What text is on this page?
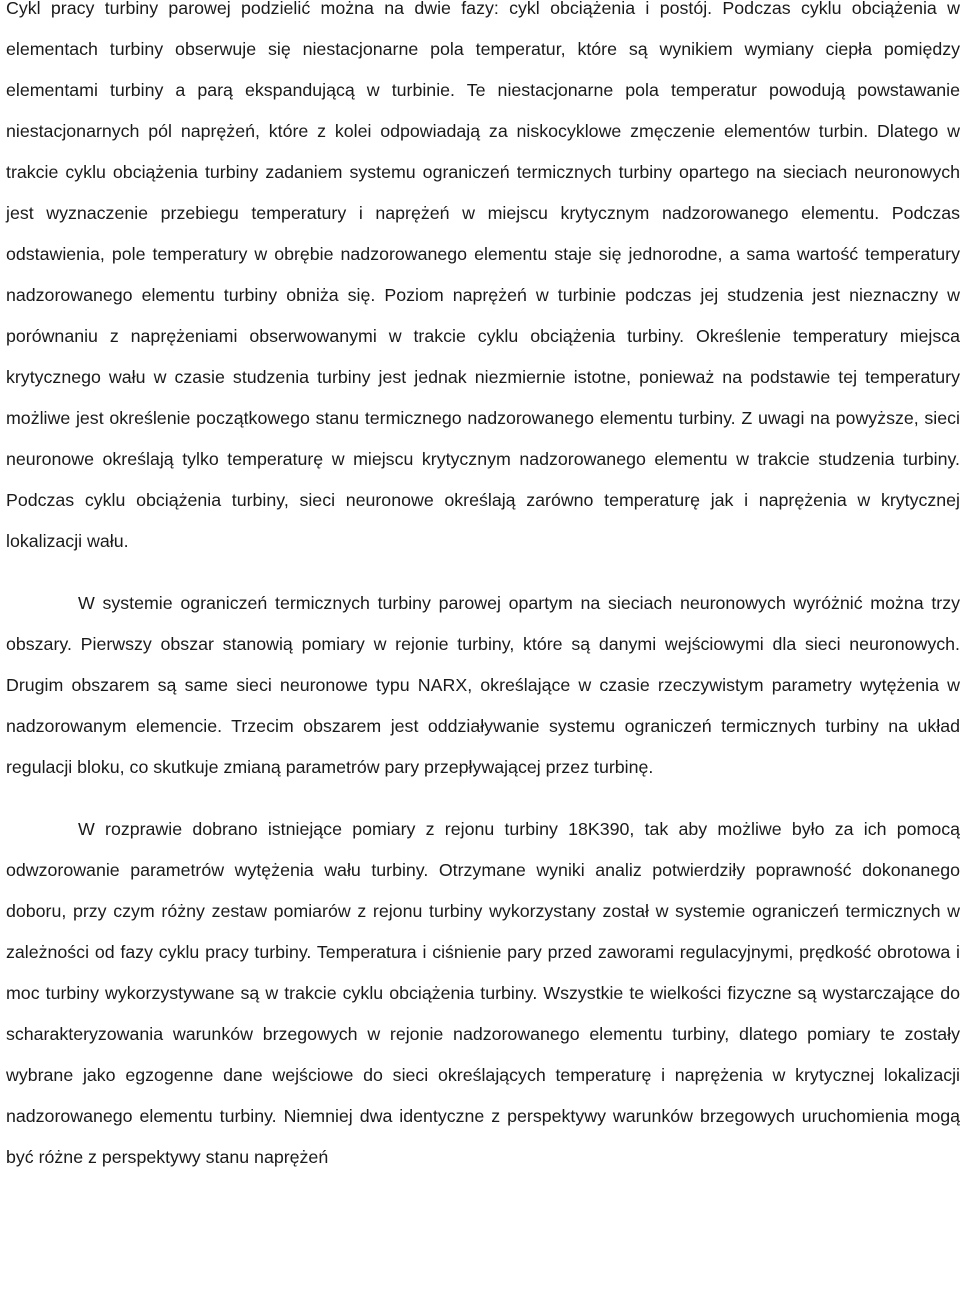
Cykl pracy turbiny parowej podzielić można na dwie fazy: cykl obciążenia i postój. Podczas cyklu obciążenia w elementach turbiny obserwuje się niestacjonarne pola temperatur, które są wynikiem wymiany ciepła pomiędzy elementami turbiny a parą ekspandującą w turbinie. Te niestacjonarne pola temperatur powodują powstawanie niestacjonarnych pól naprężeń, które z kolei odpowiadają za niskocyklowe zmęczenie elementów turbin. Dlatego w trakcie cyklu obciążenia turbiny zadaniem systemu ograniczeń termicznych turbiny opartego na sieciach neuronowych jest wyznaczenie przebiegu temperatury i naprężeń w miejscu krytycznym nadzorowanego elementu. Podczas odstawienia, pole temperatury w obrębie nadzorowanego elementu staje się jednorodne, a sama wartość temperatury nadzorowanego elementu turbiny obniża się. Poziom naprężeń w turbinie podczas jej studzenia jest nieznaczny w porównaniu z naprężeniami obserwowanymi w trakcie cyklu obciążenia turbiny. Określenie temperatury miejsca krytycznego wału w czasie studzenia turbiny jest jednak niezmiernie istotne, ponieważ na podstawie tej temperatury możliwe jest określenie początkowego stanu termicznego nadzorowanego elementu turbiny. Z uwagi na powyższe, sieci neuronowe określają tylko temperaturę w miejscu krytycznym nadzorowanego elementu w trakcie studzenia turbiny. Podczas cyklu obciążenia turbiny, sieci neuronowe określają zarówno temperaturę jak i naprężenia w krytycznej lokalizacji wału.

W systemie ograniczeń termicznych turbiny parowej opartym na sieciach neuronowych wyróżnić można trzy obszary. Pierwszy obszar stanowią pomiary w rejonie turbiny, które są danymi wejściowymi dla sieci neuronowych. Drugim obszarem są same sieci neuronowe typu NARX, określające w czasie rzeczywistym parametry wytężenia w nadzorowanym elemencie. Trzecim obszarem jest oddziaływanie systemu ograniczeń termicznych turbiny na układ regulacji bloku, co skutkuje zmianą parametrów pary przepływającej przez turbinę.

W rozprawie dobrano istniejące pomiary z rejonu turbiny 18K390, tak aby możliwe było za ich pomocą odwzorowanie parametrów wytężenia wału turbiny. Otrzymane wyniki analiz potwierdziły poprawność dokonanego doboru, przy czym różny zestaw pomiarów z rejonu turbiny wykorzystany został w systemie ograniczeń termicznych w zależności od fazy cyklu pracy turbiny. Temperatura i ciśnienie pary przed zaworami regulacyjnymi, prędkość obrotowa i moc turbiny wykorzystywane są w trakcie cyklu obciążenia turbiny. Wszystkie te wielkości fizyczne są wystarczające do scharakteryzowania warunków brzegowych w rejonie nadzorowanego elementu turbiny, dlatego pomiary te zostały wybrane jako egzogenne dane wejściowe do sieci określających temperaturę i naprężenia w krytycznej lokalizacji nadzorowanego elementu turbiny. Niemniej dwa identyczne z perspektywy warunków brzegowych uruchomienia mogą być różne z perspektywy stanu naprężeń
